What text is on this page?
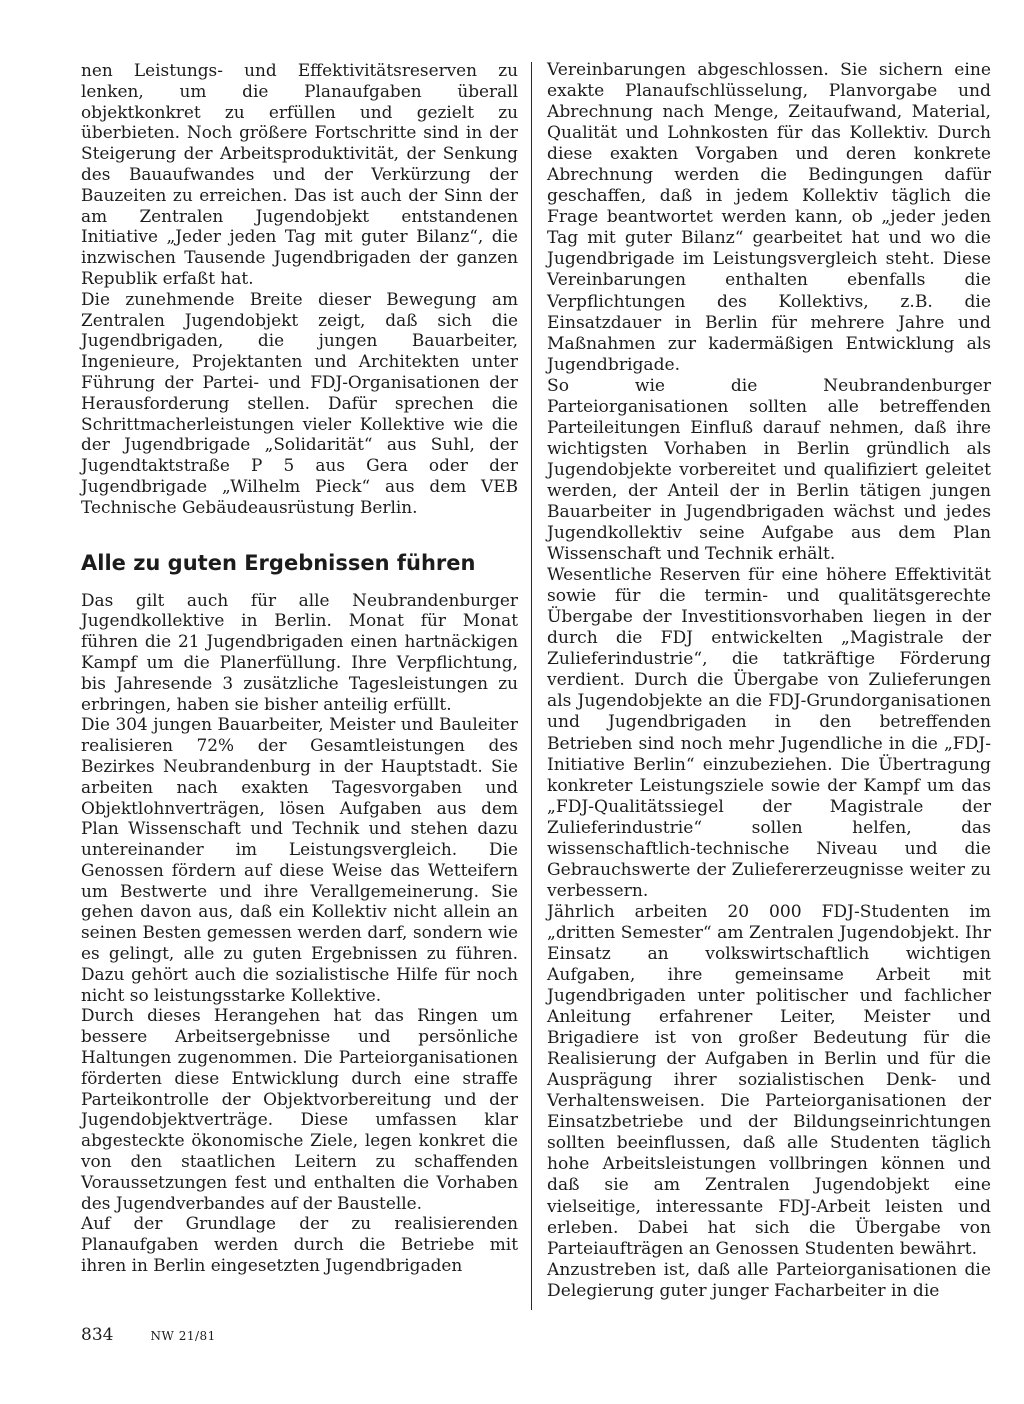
nen Leistungs- und Effektivitätsreserven zu lenken, um die Planaufgaben überall objektkonkret zu erfüllen und gezielt zu überbieten. Noch größere Fortschritte sind in der Steigerung der Arbeitsproduktivität, der Senkung des Bauaufwandes und der Verkürzung der Bauzeiten zu erreichen. Das ist auch der Sinn der am Zentralen Jugendobjekt entstandenen Initiative „Jeder jeden Tag mit guter Bilanz“, die inzwischen Tausende Jugendbrigaden der ganzen Republik erfaßt hat.

Die zunehmende Breite dieser Bewegung am Zentralen Jugendobjekt zeigt, daß sich die Jugendbrigaden, die jungen Bauarbeiter, Ingenieure, Projektanten und Architekten unter Führung der Partei- und FDJ-Organisationen der Herausforderung stellen. Dafür sprechen die Schrittmacherleistungen vieler Kollektive wie die der Jugendbrigade „Solidarität“ aus Suhl, der Jugendtaktstraße P 5 aus Gera oder der Jugendbrigade „Wilhelm Pieck“ aus dem VEB Technische Gebäudeausrüstung Berlin.

Alle zu guten Ergebnissen führen

Das gilt auch für alle Neubrandenburger Jugendkollektive in Berlin. Monat für Monat führen die 21 Jugendbrigaden einen hartnäckigen Kampf um die Planerfüllung. Ihre Verpflichtung, bis Jahresende 3 zusätzliche Tagesleistungen zu erbringen, haben sie bisher anteilig erfüllt.

Die 304 jungen Bauarbeiter, Meister und Bauleiter realisieren 72% der Gesamtleistungen des Bezirkes Neubrandenburg in der Hauptstadt. Sie arbeiten nach exakten Tagesvorgaben und Objektlohnverträgen, lösen Aufgaben aus dem Plan Wissenschaft und Technik und stehen dazu untereinander im Leistungsvergleich. Die Genossen fördern auf diese Weise das Wetteifern um Bestwerte und ihre Verallgemeinerung. Sie gehen davon aus, daß ein Kollektiv nicht allein an seinen Besten gemessen werden darf, sondern wie es gelingt, alle zu guten Ergebnissen zu führen. Dazu gehört auch die sozialistische Hilfe für noch nicht so leistungsstarke Kollektive.

Durch dieses Herangehen hat das Ringen um bessere Arbeitsergebnisse und persönliche Haltungen zugenommen. Die Parteiorganisationen förderten diese Entwicklung durch eine straffe Parteikontrolle der Objektvorbereitung und der Jugendobjektverträge. Diese umfassen klar abgesteckte ökonomische Ziele, legen konkret die von den staatlichen Leitern zu schaffenden Voraussetzungen fest und enthalten die Vorhaben des Jugendverbandes auf der Baustelle.

Auf der Grundlage der zu realisierenden Planaufgaben werden durch die Betriebe mit ihren in Berlin eingesetzten Jugendbrigaden

Vereinbarungen abgeschlossen. Sie sichern eine exakte Planaufschlüsselung, Planvorgabe und Abrechnung nach Menge, Zeitaufwand, Material, Qualität und Lohnkosten für das Kollektiv. Durch diese exakten Vorgaben und deren konkrete Abrechnung werden die Bedingungen dafür geschaffen, daß in jedem Kollektiv täglich die Frage beantwortet werden kann, ob „jeder jeden Tag mit guter Bilanz“ gearbeitet hat und wo die Jugendbrigade im Leistungsvergleich steht. Diese Vereinbarungen enthalten ebenfalls die Verpflichtungen des Kollektivs, z.B. die Einsatzdauer in Berlin für mehrere Jahre und Maßnahmen zur kadermäßigen Entwicklung als Jugendbrigade.

So wie die Neubrandenburger Parteiorganisationen sollten alle betreffenden Parteileitungen Einfluß darauf nehmen, daß ihre wichtigsten Vorhaben in Berlin gründlich als Jugendobjekte vorbereitet und qualifiziert geleitet werden, der Anteil der in Berlin tätigen jungen Bauarbeiter in Jugendbrigaden wächst und jedes Jugendkollektiv seine Aufgabe aus dem Plan Wissenschaft und Technik erhält.

Wesentliche Reserven für eine höhere Effektivität sowie für die termin- und qualitätsgerechte Übergabe der Investitionsvorhaben liegen in der durch die FDJ entwickelten „Magistrale der Zulieferindustrie“, die tatkräftige Förderung verdient. Durch die Übergabe von Zulieferungen als Jugendobjekte an die FDJ-Grundorganisationen und Jugendbrigaden in den betreffenden Betrieben sind noch mehr Jugendliche in die „FDJ-Initiative Berlin“ einzubeziehen. Die Übertragung konkreter Leistungsziele sowie der Kampf um das „FDJ-Qualitätssiegel der Magistrale der Zulieferindustrie“ sollen helfen, das wissenschaftlich-technische Niveau und die Gebrauchswerte der Zuliefererzeugnisse weiter zu verbessern.

Jährlich arbeiten 20 000 FDJ-Studenten im „dritten Semester“ am Zentralen Jugendobjekt. Ihr Einsatz an volkswirtschaftlich wichtigen Aufgaben, ihre gemeinsame Arbeit mit Jugendbrigaden unter politischer und fachlicher Anleitung erfahrener Leiter, Meister und Brigadiere ist von großer Bedeutung für die Realisierung der Aufgaben in Berlin und für die Ausprägung ihrer sozialistischen Denk- und Verhaltensweisen. Die Parteiorganisationen der Einsatzbetriebe und der Bildungseinrichtungen sollten beeinflussen, daß alle Studenten täglich hohe Arbeitsleistungen vollbringen können und daß sie am Zentralen Jugendobjekt eine vielseitige, interessante FDJ-Arbeit leisten und erleben. Dabei hat sich die Übergabe von Parteiaufträgen an Genossen Studenten bewährt.

Anzustreben ist, daß alle Parteiorganisationen die Delegierung guter junger Facharbeiter in die

834	NW 21/81
